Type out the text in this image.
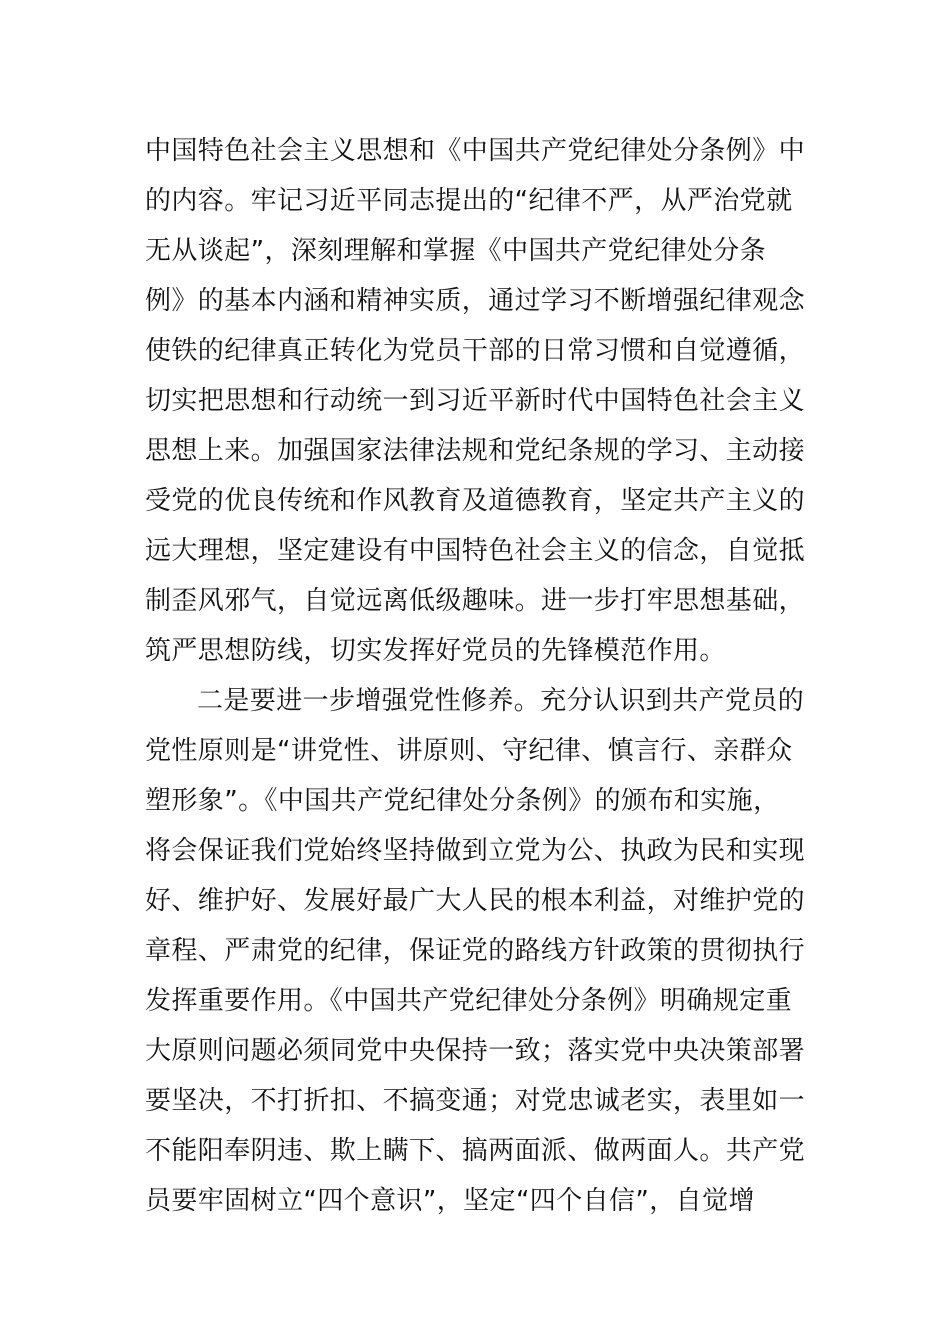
中国特色社会主义思想和《中国共产党纪律处分条例》中
的内容。牢记习近平同志提出的“纪律不严，从严治党就
无从谈起”，深刻理解和掌握《中国共产党纪律处分条
例》的基本内涵和精神实质，通过学习不断增强纪律观念
使铁的纪律真正转化为党员干部的日常习惯和自觉遵循，
切实把思想和行动统一到习近平新时代中国特色社会主义
思想上来。加强国家法律法规和党纪条规的学习、主动接
受党的优良传统和作风教育及道德教育，坚定共产主义的
远大理想，坚定建设有中国特色社会主义的信念，自觉抵
制歪风邪气，自觉远离低级趣味。进一步打牢思想基础，
筑严思想防线，切实发挥好党员的先锋模范作用。
二是要进一步增强党性修养。充分认识到共产党员的
党性原则是“讲党性、讲原则、守纪律、慎言行、亲群众
塑形象”。《中国共产党纪律处分条例》的颁布和实施，
将会保证我们党始终坚持做到立党为公、执政为民和实现
好、维护好、发展好最广大人民的根本利益，对维护党的
章程、严肃党的纪律，保证党的路线方针政策的贯彻执行
发挥重要作用。《中国共产党纪律处分条例》明确规定重
大原则问题必须同党中央保持一致；落实党中央决策部署
要坚决，不打折扣、不搞变通；对党忠诚老实，表里如一
不能阳奉阴违、欺上瞒下、搞两面派、做两面人。共产党
员要牢固树立“四个意识”，坚定“四个自信”，自觉增
